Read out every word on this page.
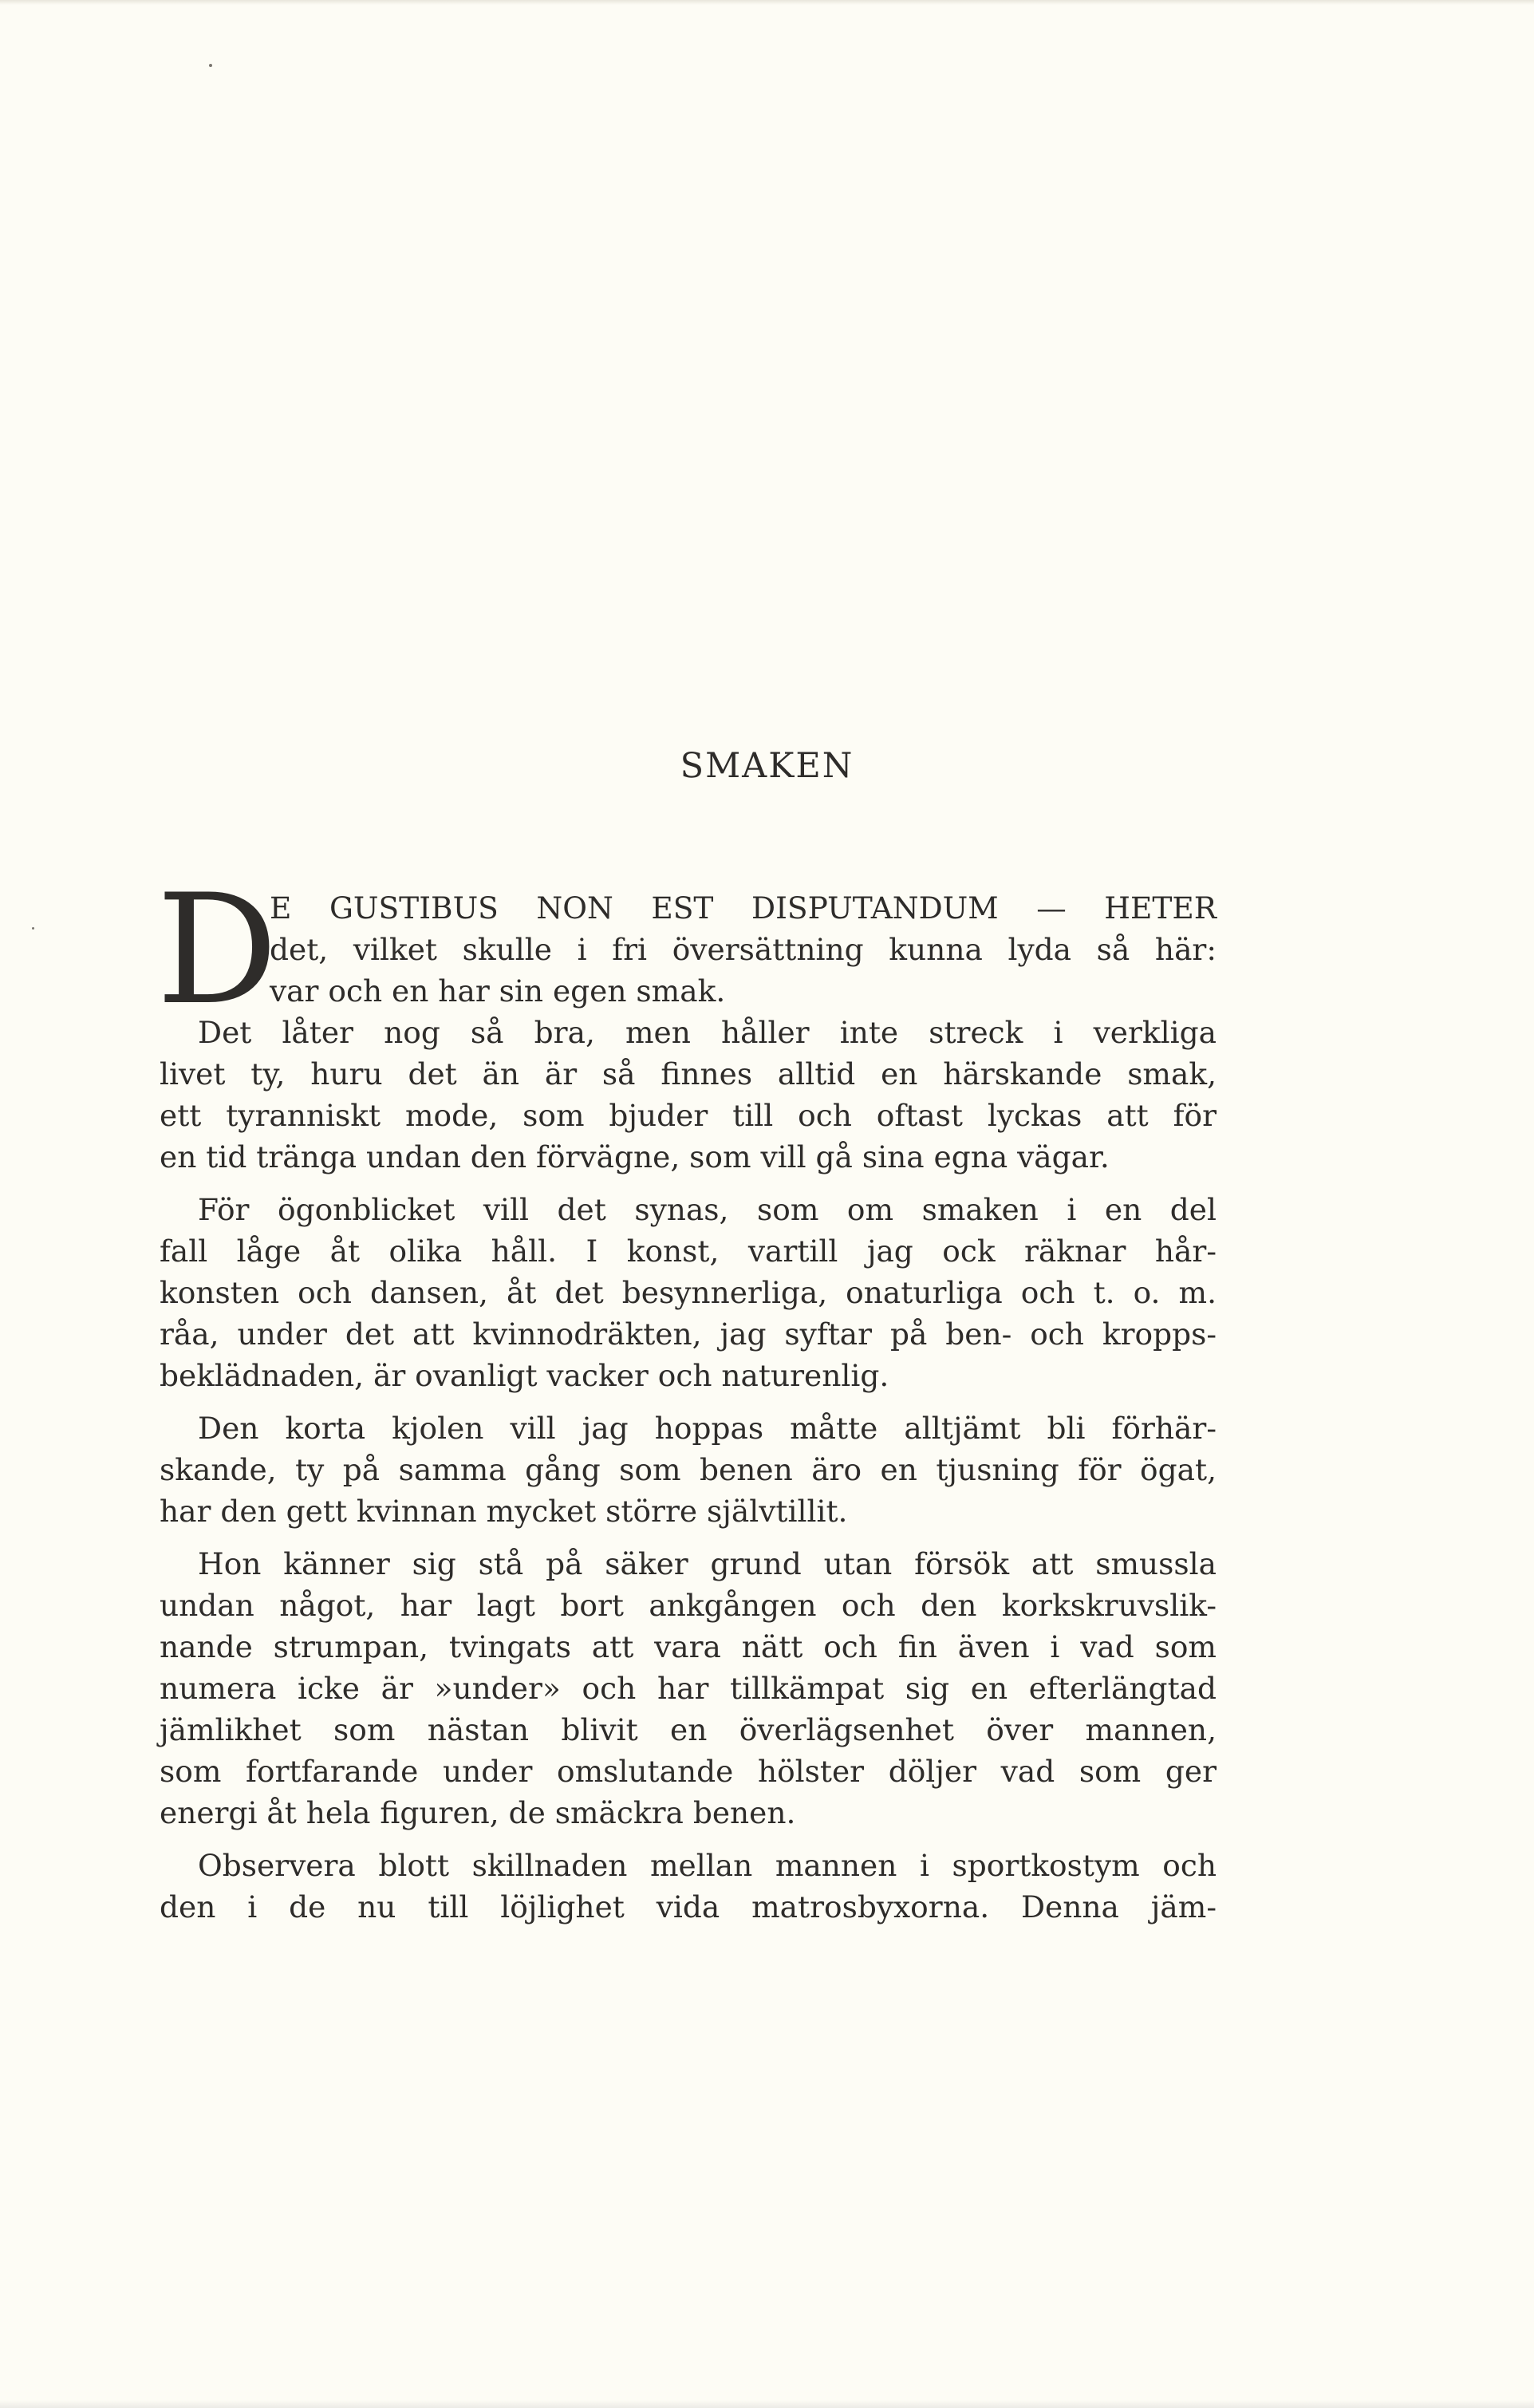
SMAKEN
D
E GUSTIBUS NON EST DISPUTANDUM — HETER
det, vilket skulle i fri översättning kunna lyda så här:
var och en har sin egen smak.
Det låter nog så bra, men håller inte streck i verkliga
livet ty, huru det än är så finnes alltid en härskande smak,
ett tyranniskt mode, som bjuder till och oftast lyckas att för
en tid tränga undan den förvägne, som vill gå sina egna vägar.
För ögonblicket vill det synas, som om smaken i en del
fall låge åt olika håll. I konst, vartill jag ock räknar hår-
konsten och dansen, åt det besynnerliga, onaturliga och t. o. m.
råa, under det att kvinnodräkten, jag syftar på ben- och kropps-
beklädnaden, är ovanligt vacker och naturenlig.
Den korta kjolen vill jag hoppas måtte alltjämt bli förhär-
skande, ty på samma gång som benen äro en tjusning för ögat,
har den gett kvinnan mycket större självtillit.
Hon känner sig stå på säker grund utan försök att smussla
undan något, har lagt bort ankgången och den korkskruvslik-
nande strumpan, tvingats att vara nätt och fin även i vad som
numera icke är »under» och har tillkämpat sig en efterlängtad
jämlikhet som nästan blivit en överlägsenhet över mannen,
som fortfarande under omslutande hölster döljer vad som ger
energi åt hela figuren, de smäckra benen.
Observera blott skillnaden mellan mannen i sportkostym och
den i de nu till löjlighet vida matrosbyxorna. Denna jäm-
